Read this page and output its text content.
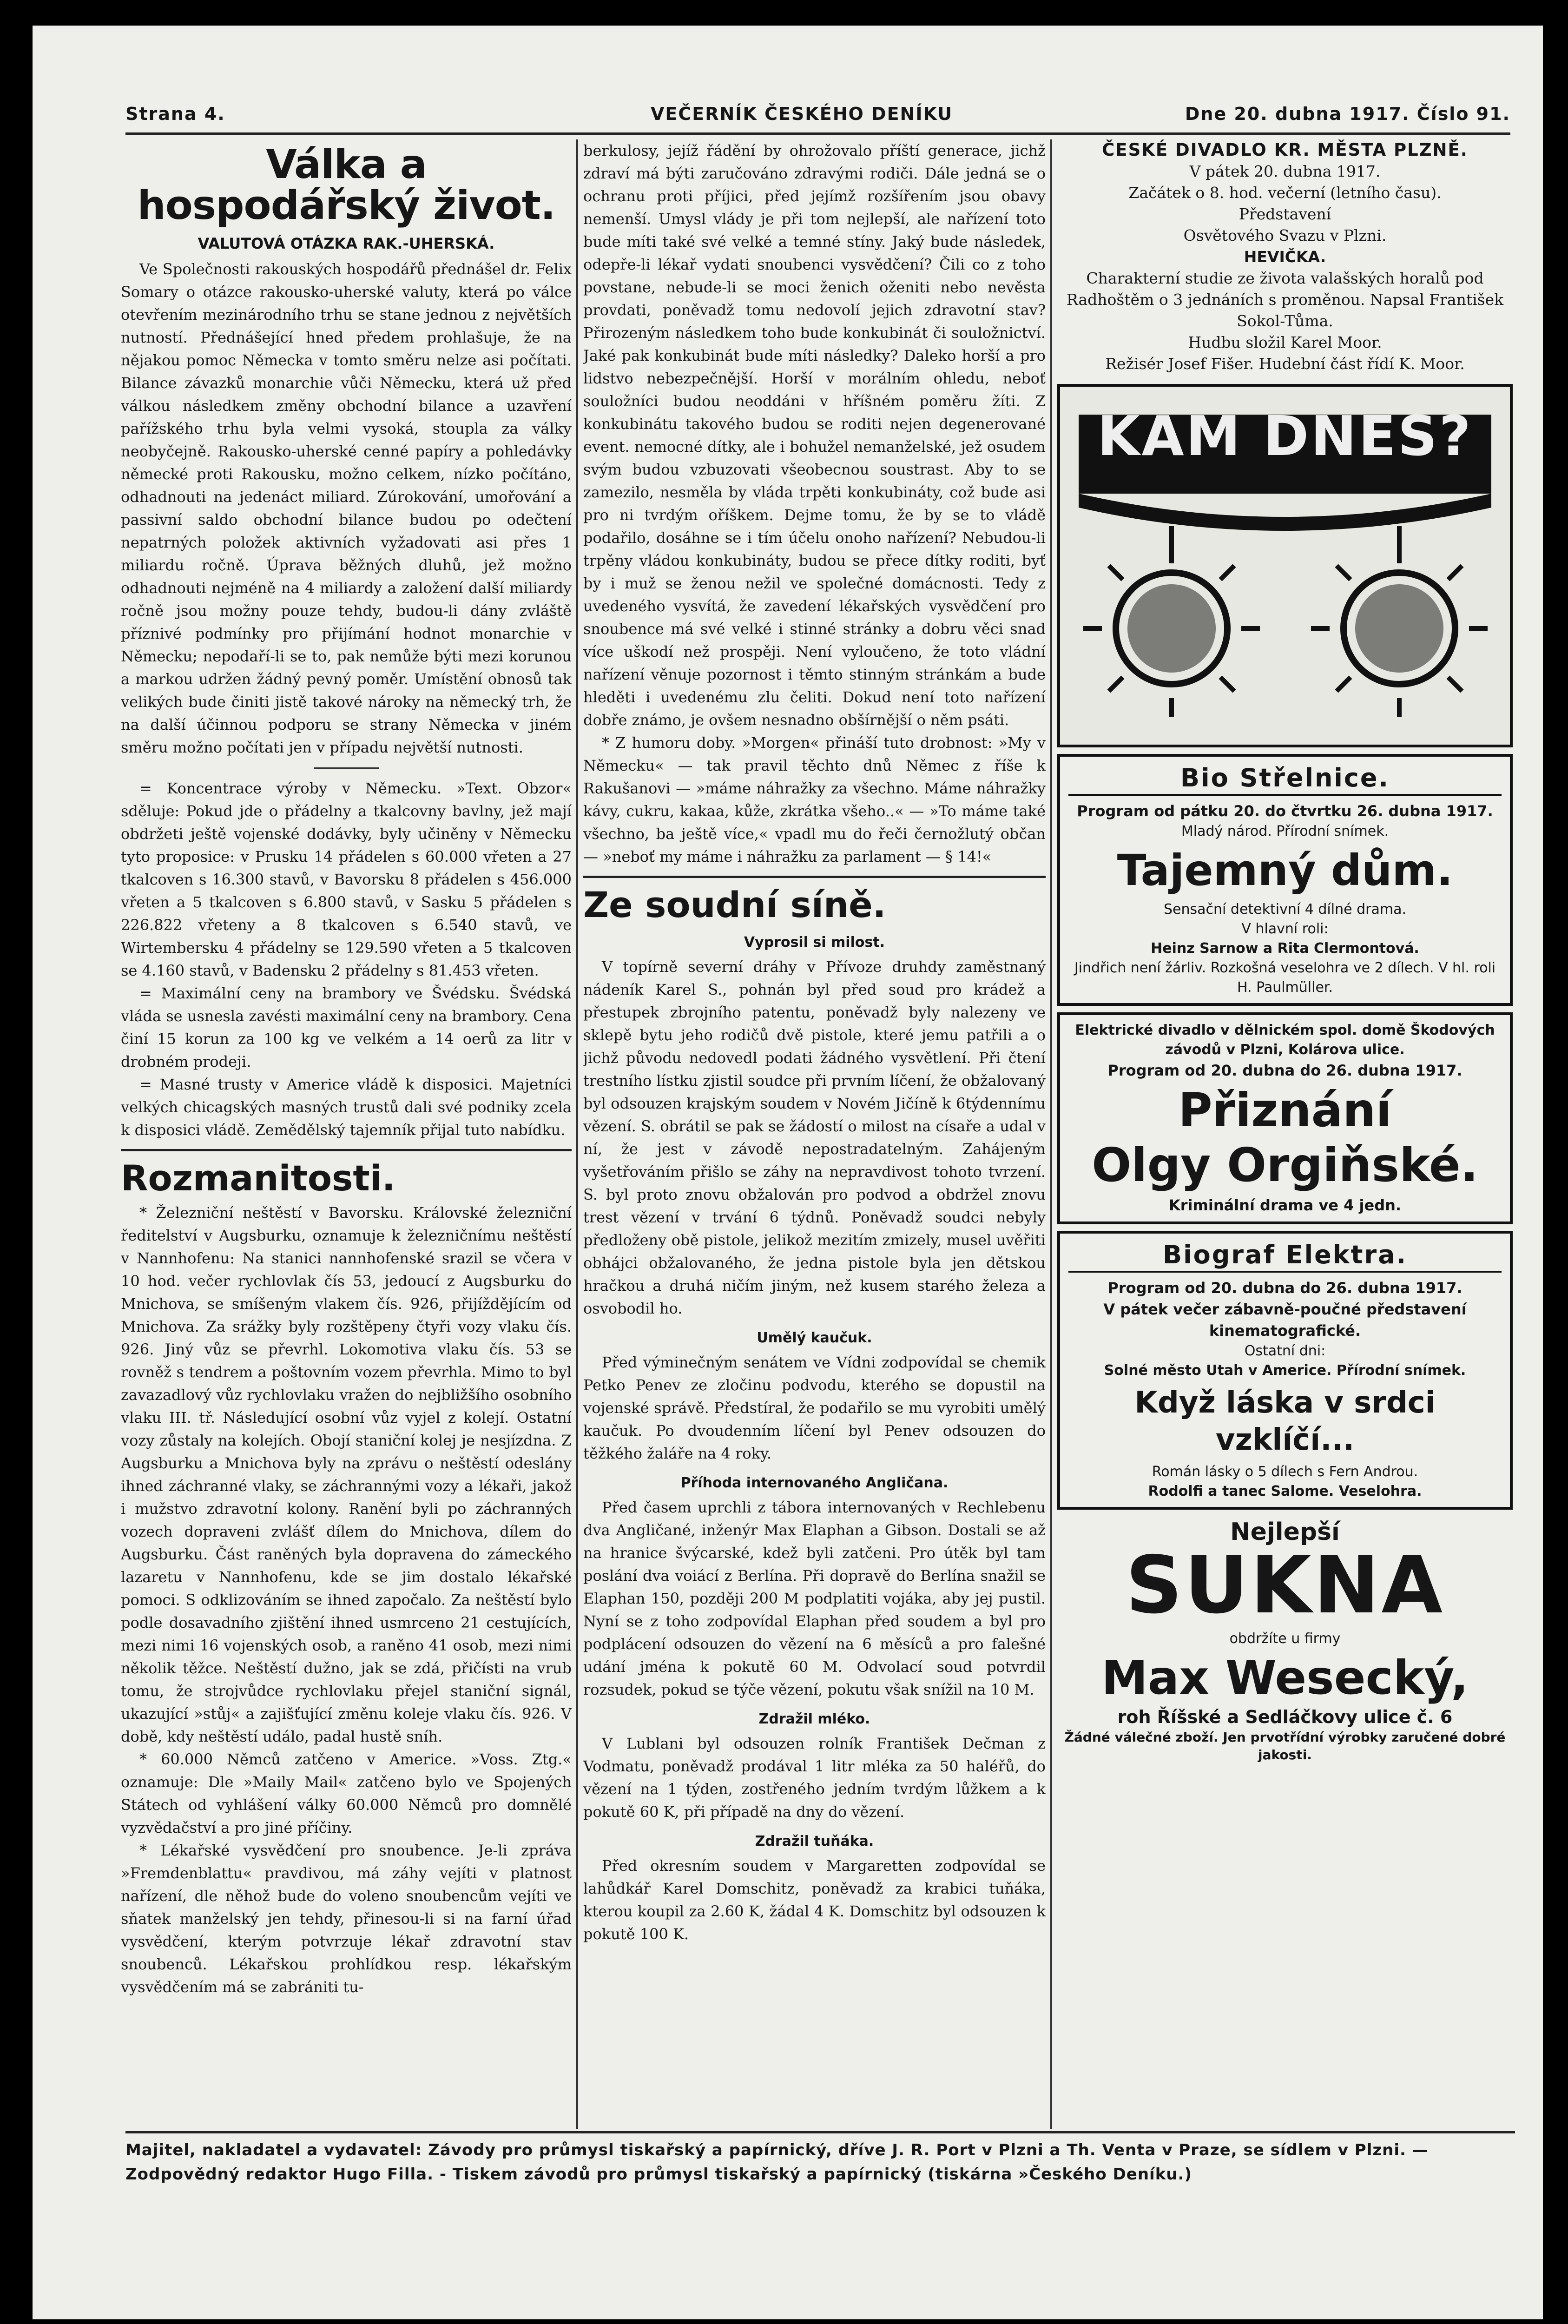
Strana 4.	VEČERNÍK ČESKÉHO DENÍKU	Dne 20. dubna 1917. Číslo 91.
Válka a hospodářský život.
VALUTOVÁ OTÁZKA RAK.-UHERSKÁ.

Ve Společnosti rakouských hospodářů přednášel dr. Felix Somary o otázce rakousko-uherské valuty, která po válce otevřením mezinárodního trhu se stane jednou z největších nutností. Přednášející hned předem prohlašuje, že na nějakou pomoc Německa v tomto směru nelze asi počítati. Bilance závazků monarchie vůči Německu, která už před válkou následkem změny obchodní bilance a uzavření pařížského trhu byla velmi vysoká, stoupla za války neobyčejně. Rakousko-uherské cenné papíry a pohledávky německé proti Rakousku, možno celkem, nízko počítáno, odhadnouti na jedenáct miliard. Zúrokování, umořování a passivní saldo obchodní bilance budou po odečtení nepatrných položek aktivních vyžadovati asi přes 1 miliardu ročně. Úprava běžných dluhů, jež možno odhadnouti nejméně na 4 miliardy a založení další miliardy ročně jsou možny pouze tehdy, budou-li dány zvláště příznivé podmínky pro přijímání hodnot monarchie v Německu; nepodaří-li se to, pak nemůže býti mezi korunou a markou udržen žádný pevný poměr. Umístění obnosů tak velikých bude činiti jistě takové nároky na německý trh, že na další účinnou podporu se strany Německa v jiném směru možno počítati jen v případu největší nutnosti.

= Koncentrace výroby v Německu. »Text. Obzor« sděluje: Pokud jde o přádelny a tkalcovny bavlny, jež mají obdržeti ještě vojenské dodávky, byly učiněny v Německu tyto proposice: v Prusku 14 přádelen s 60.000 vřeten a 27 tkalcoven s 16.300 stavů, v Bavorsku 8 přádelen s 456.000 vřeten a 5 tkalcoven s 6.800 stavů, v Sasku 5 přádelen s 226.822 vřeteny a 8 tkalcoven s 6.540 stavů, ve Wirtembersku 4 přádelny se 129.590 vřeten a 5 tkalcoven se 4.160 stavů, v Badensku 2 přádelny s 81.453 vřeten.

= Maximální ceny na brambory ve Švédsku. Švédská vláda se usnesla zavésti maximální ceny na brambory. Cena činí 15 korun za 100 kg ve velkém a 14 oerů za litr v drobném prodeji.

= Masné trusty v Americe vládě k disposici. Majetníci velkých chicagských masných trustů dali své podniky zcela k disposici vládě. Zemědělský tajemník přijal tuto nabídku.

Rozmanitosti.

* Železniční neštěstí v Bavorsku. Královské železniční ředitelství v Augsburku, oznamuje k železničnímu neštěstí v Nannhofenu: Na stanici nannhofenské srazil se včera v 10 hod. večer rychlovlak čís 53, jedoucí z Augsburku do Mnichova, se smíšeným vlakem čís. 926, přijíždějícím od Mnichova. Za srážky byly rozštěpeny čtyři vozy vlaku čís. 926. Jiný vůz se převrhl. Lokomotiva vlaku čís. 53 se rovněž s tendrem a poštovním vozem převrhla. Mimo to byl zavazadlový vůz rychlovlaku vražen do nejbližšího osobního vlaku III. tř. Následující osobní vůz vyjel z kolejí. Ostatní vozy zůstaly na kolejích. Obojí staniční kolej je nesjízdna. Z Augsburku a Mnichova byly na zprávu o neštěstí odeslány ihned záchranné vlaky, se záchrannými vozy a lékaři, jakož i mužstvo zdravotní kolony. Ranění byli po záchranných vozech dopraveni zvlášť dílem do Mnichova, dílem do Augsburku. Část raněných byla dopravena do zámeckého lazaretu v Nannhofenu, kde se jim dostalo lékařské pomoci. S odklizováním se ihned započalo. Za neštěstí bylo podle dosavadního zjištění ihned usmrceno 21 cestujících, mezi nimi 16 vojenských osob, a raněno 41 osob, mezi nimi několik těžce. Neštěstí dužno, jak se zdá, přičísti na vrub tomu, že strojvůdce rychlovlaku přejel staniční signál, ukazující »stůj« a zajišťující změnu koleje vlaku čís. 926. V době, kdy neštěstí událo, padal hustě sníh.

* 60.000 Němců zatčeno v Americe. »Voss. Ztg.« oznamuje: Dle »Maily Mail« zatčeno bylo ve Spojených Státech od vyhlášení války 60.000 Němců pro domnělé vyzvědačství a pro jiné příčiny.

* Lékařské vysvědčení pro snoubence. Je-li zpráva »Fremdenblattu« pravdivou, má záhy vejíti v platnost nařízení, dle něhož bude do voleno snoubencům vejíti ve sňatek manželský jen tehdy, přinesou-li si na farní úřad vysvědčení, kterým potvrzuje lékař zdravotní stav snoubenců. Lékařskou prohlídkou resp. lékařským vysvědčením má se zabrániti tu-

berkulosy, jejíž řádění by ohrožovalo příští generace, jichž zdraví má býti zaručováno zdravými rodiči. Dále jedná se o ochranu proti příjici, před jejímž rozšířením jsou obavy nemenší. Umysl vlády je při tom nejlepší, ale nařízení toto bude míti také své velké a temné stíny. Jaký bude následek, odepře-li lékař vydati snoubenci vysvědčení? Čili co z toho povstane, nebude-li se moci ženich oženiti nebo nevěsta provdati, poněvadž tomu nedovolí jejich zdravotní stav? Přirozeným následkem toho bude konkubinát či souložnictví. Jaké pak konkubinát bude míti následky? Daleko horší a pro lidstvo nebezpečnější. Horší v morálním ohledu, neboť souložníci budou neoddáni v hříšném poměru žíti. Z konkubinátu takového budou se roditi nejen degenerované event. nemocné dítky, ale i bohužel nemanželské, jež osudem svým budou vzbuzovati všeobecnou soustrast. Aby to se zamezilo, nesměla by vláda trpěti konkubináty, což bude asi pro ni tvrdým oříškem. Dejme tomu, že by se to vládě podařilo, dosáhne se i tím účelu onoho nařízení? Nebudou-li trpěny vládou konkubináty, budou se přece dítky roditi, byť by i muž se ženou nežil ve společné domácnosti. Tedy z uvedeného vysvítá, že zavedení lékařských vysvědčení pro snoubence má své velké i stinné stránky a dobru věci snad více uškodí než prospěji. Není vyloučeno, že toto vládní nařízení věnuje pozornost i těmto stinným stránkám a bude hleděti i uvedenému zlu čeliti. Dokud není toto nařízení dobře známo, je ovšem nesnadno obšírnější o něm psáti.

* Z humoru doby. »Morgen« přináší tuto drobnost: »My v Německu« — tak pravil těchto dnů Němec z říše k Rakušanovi — »máme náhražky za všechno. Máme náhražky kávy, cukru, kakaa, kůže, zkrátka všeho..« — »To máme také všechno, ba ještě více,« vpadl mu do řeči černožlutý občan — »neboť my máme i náhražku za parlament — § 14!«

Ze soudní síně.
Vyprosil si milost.

V topírně severní dráhy v Přívoze druhdy zaměstnaný nádeník Karel S., pohnán byl před soud pro krádež a přestupek zbrojního patentu, poněvadž byly nalezeny ve sklepě bytu jeho rodičů dvě pistole, které jemu patřili a o jichž původu nedovedl podati žádného vysvětlení. Při čtení trestního lístku zjistil soudce při prvním líčení, že obžalovaný byl odsouzen krajským soudem v Novém Jičíně k 6týdennímu vězení. S. obrátil se pak se žádostí o milost na císaře a udal v ní, že jest v závodě nepostradatelným. Zahájeným vyšetřováním přišlo se záhy na nepravdivost tohoto tvrzení. S. byl proto znovu obžalován pro podvod a obdržel znovu trest vězení v trvání 6 týdnů. Poněvadž soudci nebyly předloženy obě pistole, jelikož mezitím zmizely, musel uvěřiti obhájci obžalovaného, že jedna pistole byla jen dětskou hračkou a druhá ničím jiným, než kusem starého železa a osvobodil ho.

Umělý kaučuk.

Před výminečným senátem ve Vídni zodpovídal se chemik Petko Penev ze zločinu podvodu, kterého se dopustil na vojenské správě. Předstíral, že podařilo se mu vyrobiti umělý kaučuk. Po dvoudenním líčení byl Penev odsouzen do těžkého žaláře na 4 roky.

Příhoda internovaného Angličana.

Před časem uprchli z tábora internovaných v Rechlebenu dva Angličané, inženýr Max Elaphan a Gibson. Dostali se až na hranice švýcarské, kdež byli zatčeni. Pro útěk byl tam poslání dva voiácí z Berlína. Při dopravě do Berlína snažil se Elaphan 150, později 200 M podplatiti vojáka, aby jej pustil. Nyní se z toho zodpovídal Elaphan před soudem a byl pro podplácení odsouzen do vězení na 6 měsíců a pro falešné udání jména k pokutě 60 M. Odvolací soud potvrdil rozsudek, pokud se týče vězení, pokutu však snížil na 10 M.

Zdražil mléko.

V Lublani byl odsouzen rolník František Dečman z Vodmatu, poněvadž prodával 1 litr mléka za 50 haléřů, do vězení na 1 týden, zostřeného jedním tvrdým lůžkem a k pokutě 60 K, při případě na dny do vězení.

Zdražil tuňáka.

Před okresním soudem v Margaretten zodpovídal se lahůdkář Karel Domschitz, poněvadž za krabici tuňáka, kterou koupil za 2.60 K, žádal 4 K. Domschitz byl odsouzen k pokutě 100 K.

ČESKÉ DIVADLO KR. MĚSTA PLZNĚ.
V pátek 20. dubna 1917.
Začátek o 8. hod. večerní (letního času).
Představení
Osvětového Svazu v Plzni.
HEVIČKA.
Charakterní studie ze života valašských horalů pod Radhoštěm o 3 jednáních s proměnou. Napsal František Sokol-Tůma.
Hudbu složil Karel Moor.
Režisér Josef Fišer. Hudební část řídí K. Moor.
KAM DNES?
Bio Střelnice.
Program od pátku 20. do čtvrtku 26. dubna 1917.
Mladý národ. Přírodní snímek.
Tajemný dům.
Sensační detektivní 4 dílné drama.
V hlavní roli:
Heinz Sarnow a Rita Clermontová.
Jindřich není žárliv. Rozkošná veselohra ve 2 dílech. V hl. roli H. Paulmüller.
Elektrické divadlo v dělnickém spol. domě Škodových závodů v Plzni, Kolárova ulice.
Program od 20. dubna do 26. dubna 1917.
Přiznání
Olgy Orgiňské.
Kriminální drama ve 4 jedn.
Biograf Elektra.
Program od 20. dubna do 26. dubna 1917.
V pátek večer zábavně-poučné představení kinematografické.
Ostatní dni:
Solné město Utah v Americe. Přírodní snímek.
Když láska v srdci vzklíčí...
Román lásky o 5 dílech s Fern Androu.
Rodolfi a tanec Salome. Veselohra.
Nejlepší
SUKNA
obdržíte u firmy
Max Wesecký,
roh Říšské a Sedláčkovy ulice č. 6
Žádné válečné zboží. Jen prvotřídní výrobky zaručené dobré jakosti.
Majitel, nakladatel a vydavatel: Závody pro průmysl tiskařský a papírnický, dříve J. R. Port v Plzni a Th. Venta v Praze, se sídlem v Plzni. — Zodpovědný redaktor Hugo Filla. - Tiskem závodů pro průmysl tiskařský a papírnický (tiskárna »Českého Deníku.)
